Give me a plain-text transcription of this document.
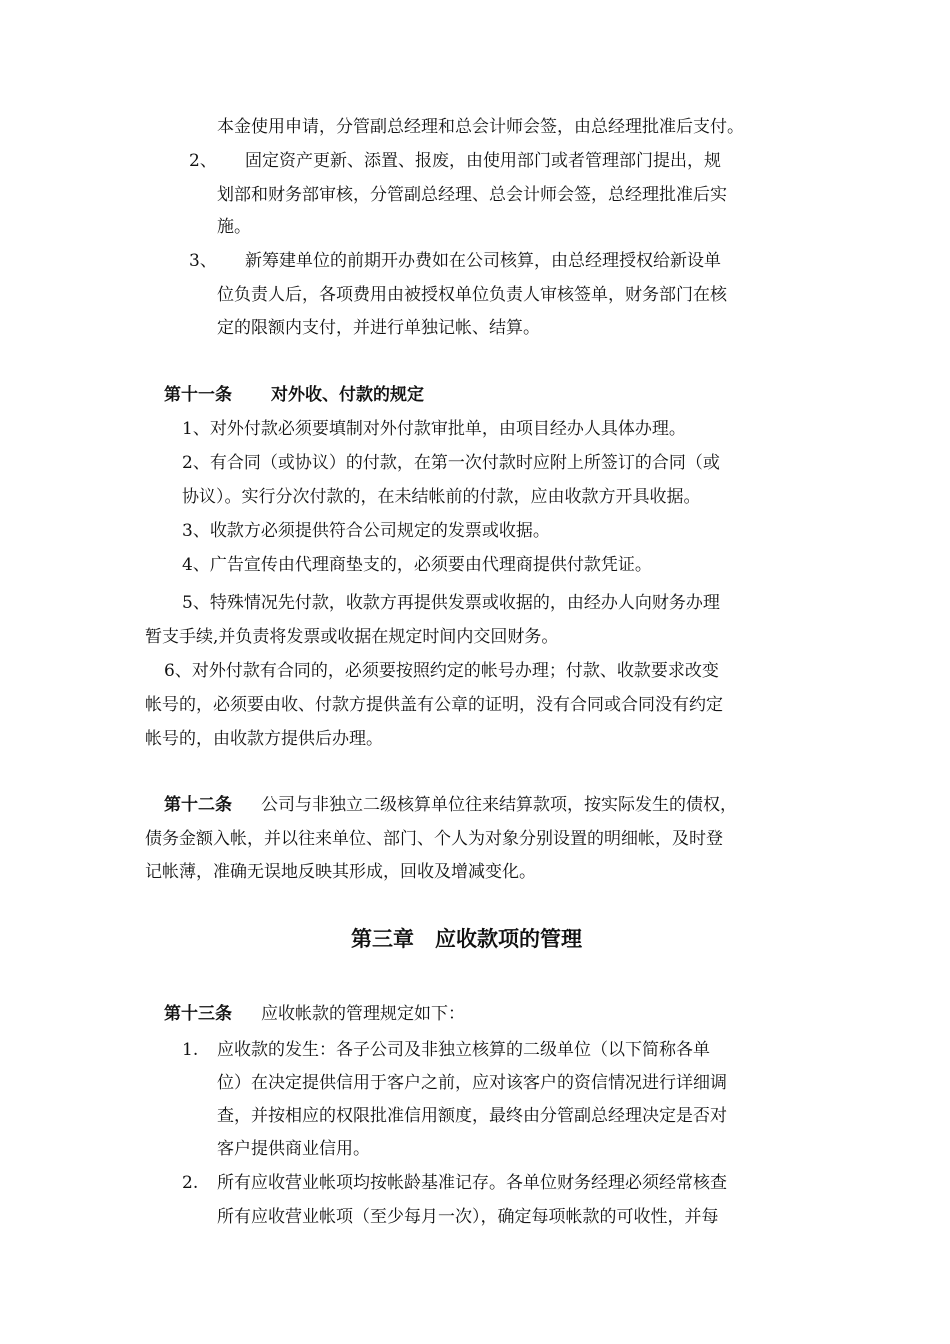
本金使用申请，分管副总经理和总会计师会签，由总经理批准后支付。
2、 固定资产更新、添置、报废，由使用部门或者管理部门提出，规
划部和财务部审核，分管副总经理、总会计师会签，总经理批准后实
施。
3、 新筹建单位的前期开办费如在公司核算，由总经理授权给新设单
位负责人后，各项费用由被授权单位负责人审核签单，财务部门在核
定的限额内支付，并进行单独记帐、结算。
第十一条 对外收、付款的规定
1、对外付款必须要填制对外付款审批单，由项目经办人具体办理。
2、有合同（或协议）的付款，在第一次付款时应附上所签订的合同（或
协议）。实行分次付款的，在未结帐前的付款，应由收款方开具收据。
3、收款方必须提供符合公司规定的发票或收据。
4、广告宣传由代理商垫支的，必须要由代理商提供付款凭证。
5、特殊情况先付款，收款方再提供发票或收据的，由经办人向财务办理
暂支手续,并负责将发票或收据在规定时间内交回财务。
6、对外付款有合同的，必须要按照约定的帐号办理；付款、收款要求改变
帐号的，必须要由收、付款方提供盖有公章的证明，没有合同或合同没有约定
帐号的，由收款方提供后办理。
第十二条 公司与非独立二级核算单位往来结算款项，按实际发生的债权，
债务金额入帐，并以往来单位、部门、个人为对象分别设置的明细帐，及时登
记帐薄，准确无误地反映其形成，回收及增减变化。
第三章　应收款项的管理
第十三条 应收帐款的管理规定如下：
1. 应收款的发生：各子公司及非独立核算的二级单位（以下简称各单
位）在决定提供信用于客户之前，应对该客户的资信情况进行详细调
查，并按相应的权限批准信用额度，最终由分管副总经理决定是否对
客户提供商业信用。
2. 所有应收营业帐项均按帐龄基准记存。各单位财务经理必须经常核查
所有应收营业帐项（至少每月一次），确定每项帐款的可收性，并每
